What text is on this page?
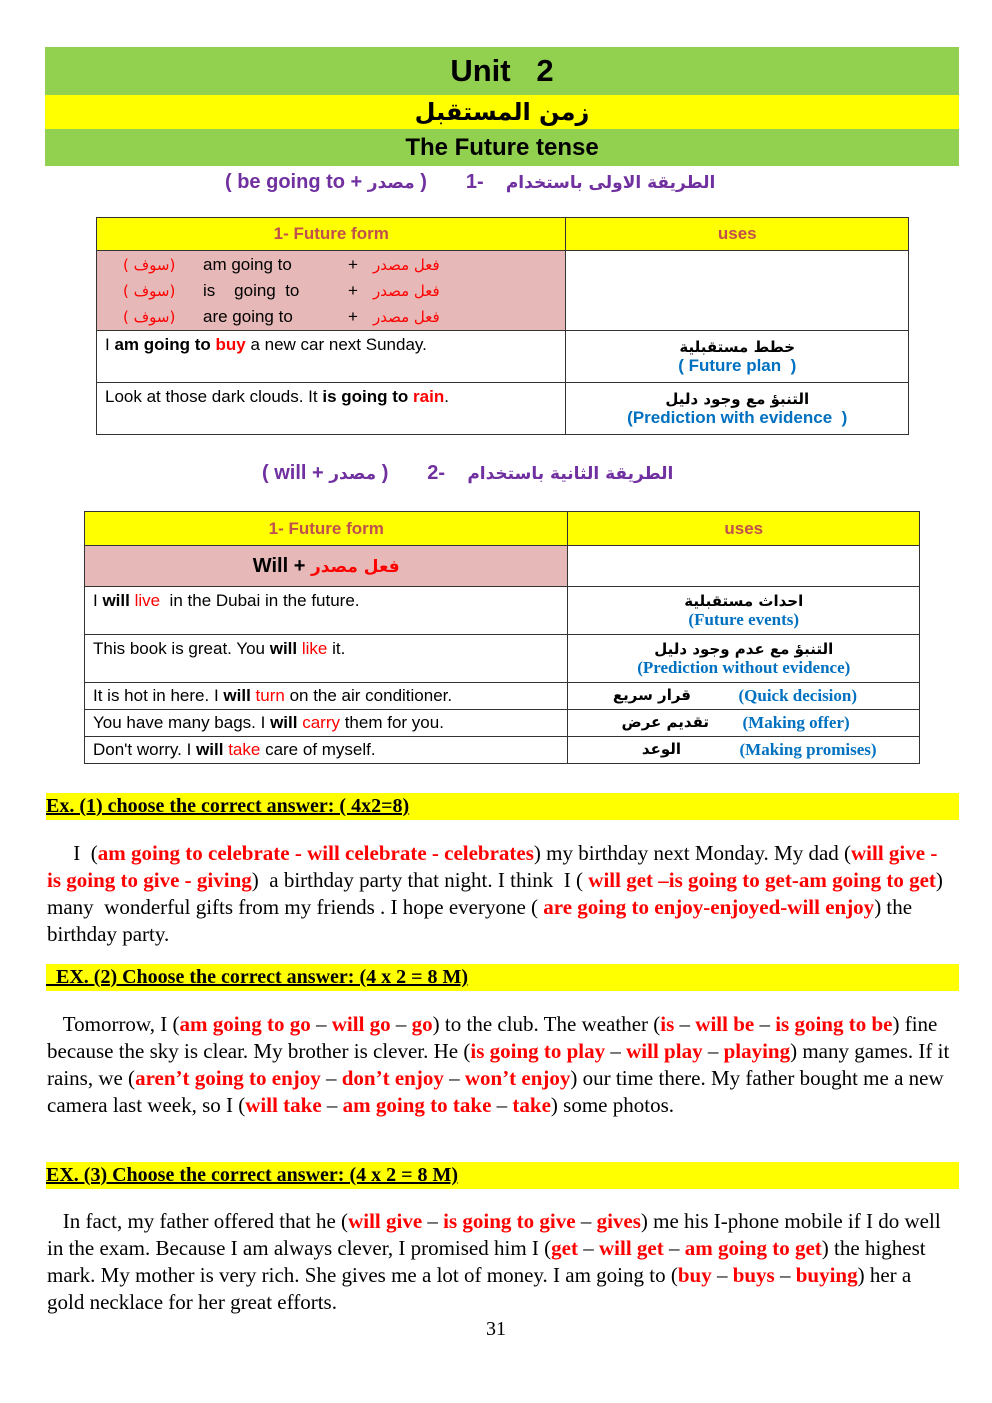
Unit   2
زمن المستقبل
The Future tense
( be going to + مصدر )	الطريقة الاولى باستخدام    -1
1- Future form	uses

( سوف) am going to + فعل مصدر
( سوف) is    going  to + فعل مصدر
( سوف) are going to + فعل مصدر	

I am going to buy a new car next Sunday.	خطط مستقبلية
( Future plan  )

Look at those dark clouds. It is going to rain.	التنبؤ مع وجود دليل
(Prediction with evidence  )
( will + مصدر )	الطريقة الثانية باستخدام    -2
1- Future form	uses
Will + فعل مصدر	
I will live  in the Dubai in the future.	احداث مستقبلية
(Future events)

This book is great. You will like it.	التنبؤ مع عدم وجود دليل
(Prediction without evidence)

It is hot in here. I will turn on the air conditioner.	قرار سريع (Quick decision)

You have many bags. I will carry them for you.	تقديم عرض (Making offer)

Don't worry. I will take care of myself.	الوعد (Making promises)
Ex. (1) choose the correct answer: ( 4x2=8)
I  (am going to celebrate - will celebrate - celebrates) my birthday next Monday. My dad (will give - is going to give - giving)  a birthday party that night. I think  I ( will get –is going to get-am going to get) many  wonderful gifts from my friends . I hope everyone ( are going to enjoy-enjoyed-will enjoy) the birthday party.
EX. (2) Choose the correct answer: (4 x 2 = 8 M)
Tomorrow, I (am going to go – will go – go) to the club. The weather (is – will be – is going to be) fine because the sky is clear. My brother is clever. He (is going to play – will play – playing) many games. If it rains, we (aren’t going to enjoy – don’t enjoy – won’t enjoy) our time there. My father bought me a new camera last week, so I (will take – am going to take – take) some photos.
EX. (3) Choose the correct answer: (4 x 2 = 8 M)
In fact, my father offered that he (will give – is going to give – gives) me his I-phone mobile if I do well in the exam. Because I am always clever, I promised him I (get – will get – am going to get) the highest mark. My mother is very rich. She gives me a lot of money. I am going to (buy – buys – buying) her a gold necklace for her great efforts.
31
